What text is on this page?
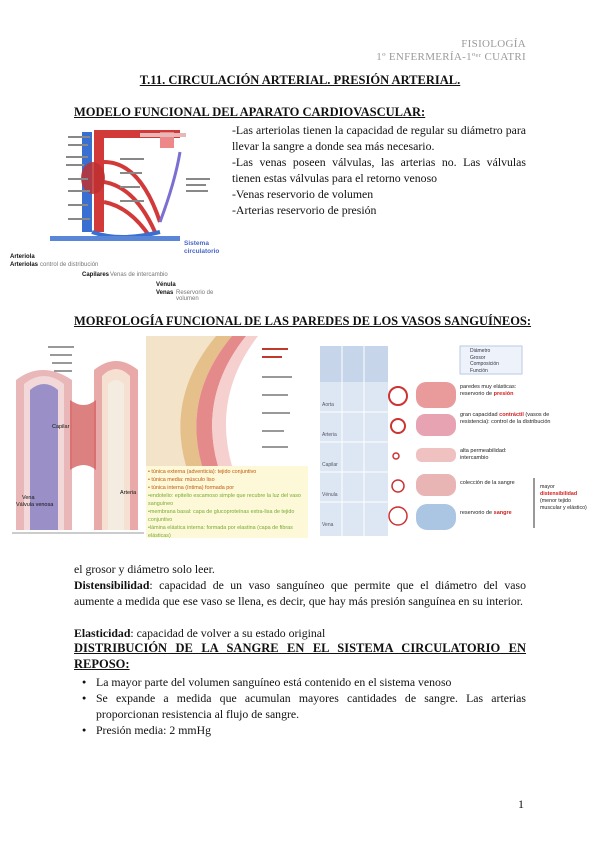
FISIOLOGÍA
1º ENFERMERÍA-1ºᵉʳ CUATRI
T.11. CIRCULACIÓN ARTERIAL. PRESIÓN ARTERIAL.
MODELO FUNCIONAL DEL APARATO CARDIOVASCULAR:
Sistema circulatorio
Arteriola
Arteriolas control de distribución
Capilares Venas de intercambio
Vénula
Venas Reservorio de volumen
-Las arteriolas tienen la capacidad de regular su diámetro para llevar la sangre a donde sea más necesario.
-Las venas poseen válvulas, las arterias no. Las válvulas tienen estas válvulas para el retorno venoso
-Venas reservorio de volumen
-Arterias reservorio de presión
MORFOLOGÍA FUNCIONAL DE LAS PAREDES DE LOS VASOS SANGUÍNEOS:
Capilar
Vena
Arteria
Válvula venosa
• túnica externa (adventicia): tejido conjuntivo
• túnica media: músculo liso
• túnica interna (íntima) formada por
•endotelio: epitelio escamoso simple que recubre la luz del vaso sanguíneo
•membrana basal: capa de glucoproteínas extra-lisa de tejido conjuntivo
•lámina elástica interna: formada por elastina (capa de fibras elásticas)
Diámetro
Grosor
Composición
Función
Aorta
Arteria
Capilar
Vénula
Vena
paredes muy elásticas: reservorio de presión
gran capacidad contráctil (vasos de resistencia): control de la distribución
alta permeabilidad: intercambio
colección de la sangre
reservorio de sangre
mayor
distensibilidad
(menor tejido muscular y elástico)
el grosor y diámetro solo leer.
Distensibilidad: capacidad de un vaso sanguíneo que permite que el diámetro del vaso aumente a medida que ese vaso se llena, es decir, que hay más presión sanguínea en su interior.
Elasticidad: capacidad de volver a su estado original
DISTRIBUCIÓN DE LA SANGRE EN EL SISTEMA CIRCULATORIO EN REPOSO:
● La mayor parte del volumen sanguíneo está contenido en el sistema venoso
● Se expande a medida que acumulan mayores cantidades de sangre. Las arterias proporcionan resistencia al flujo de sangre.
● Presión media: 2 mmHg
1
